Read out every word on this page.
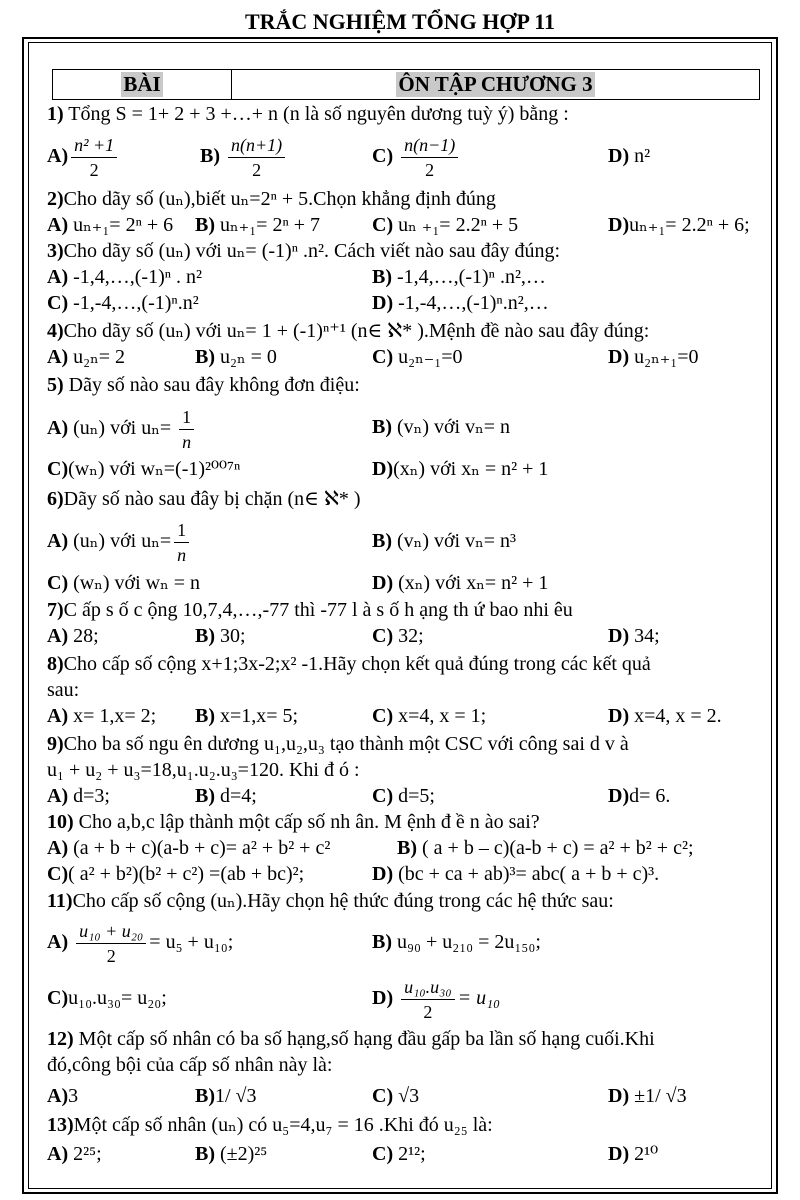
TRẮC NGHIỆM TỔNG HỢP 11
BÀI	ÔN TẬP CHƯƠNG 3
1) Tổng S = 1+ 2 + 3 +…+ n (n là số nguyên dương tuỳ ý) bằng :
$A) \frac{\text{n² +1}}{2}$	$B) \frac{n(n+1)}{2}$	$C) \frac{n(n-1)}{2}$	D) n²
2)Cho dãy số (uₙ),biết uₙ=2ⁿ + 5.Chọn khẳng định đúng
A) uₙ₊₁= 2ⁿ + 6 B) uₙ₊₁= 2ⁿ + 7	C) uₙ ₊₁= 2.2ⁿ + 5	D)uₙ₊₁= 2.2ⁿ + 6;
3)Cho dãy số (uₙ) với uₙ= (-1)ⁿ .n². Cách viết nào sau đây đúng:
A) -1,4,…,(-1)ⁿ . n²	B) -1,4,…,(-1)ⁿ .n²,…
C) -1,-4,…,(-1)ⁿ.n²	D) -1,-4,…,(-1)ⁿ.n²,…
4)Cho dãy số (uₙ) với uₙ= 1 + (-1)ⁿ⁺¹ (n∈ ℵ* ).Mệnh đề nào sau đây đúng:
A) u₂ₙ= 2	B) u₂ₙ = 0	C) u₂ₙ₋₁=0	D) u₂ₙ₊₁=0
5) Dãy số nào sau đây không đơn điệu:
A) (uₙ) với $u_n= \frac{1}{n}$	B) (vₙ) với vₙ= n
C)(wₙ) với wₙ=(-1)²⁰⁰⁷ⁿ	D)(xₙ) với xₙ = n² + 1
6)Dãy số nào sau đây bị chặn (n∈ ℵ* )
A) (uₙ) với $u_n= \frac{1}{n}$	B) (vₙ) với vₙ= n³
C) (wₙ) với wₙ = n	D) (xₙ) với xₙ= n² + 1
7)C ấp s ố c ộng 10,7,4,…,-77 thì -77 l à s ố h ạng th ứ bao nhi êu
A) 28;	B) 30;	C) 32;	D) 34;
8)Cho cấp số cộng x+1;3x-2;x² -1.Hãy chọn kết quả đúng trong các kết quả
sau:
A) x= 1,x= 2; B) x=1,x= 5;	C) x=4, x = 1;	D) x=4, x = 2.
9)Cho ba số ngu ên dương u₁,u₂,u₃ tạo thành một CSC với công sai d v à
u₁ + u₂ + u₃=18,u₁.u₂.u₃=120. Khi đ ó :
A) d=3;	B) d=4;	C) d=5;	D)d= 6.
10) Cho a,b,c lập thành một cấp số nh ân. M ệnh đ ề n ào sai?
A) (a + b + c)(a-b + c)= a² + b² + c²	B) ( a + b – c)(a-b + c) = a² + b² + c²;
C)( a² + b²)(b² + c²) =(ab + bc)²;	D) (bc + ca + ab)³= abc( a + b + c)³.
11)Cho cấp số cộng (uₙ).Hãy chọn hệ thức đúng trong các hệ thức sau:
$A) \frac{\text{u₁₀ + u₂₀}}{2} = u_5 + u_{10}$;	B) u₉₀ + u₂₁₀ = 2u₁₅₀;
C)u₁₀.u₃₀= u₂₀;	$D) \frac{\text{u₁₀.u₃₀}}{2} = u_{10}$
12) Một cấp số nhân có ba số hạng,số hạng đầu gấp ba lần số hạng cuối.Khi
đó,công bội của cấp số nhân này là:
A)3	B)1/ √3	C) √3	D) ±1/ √3
13)Một cấp số nhân (uₙ) có u₅=4,u₇ = 16 .Khi đó u₂₅ là:
A) 2²⁵;	B) (±2)²⁵	C) 2¹²;	D) 2¹⁰
